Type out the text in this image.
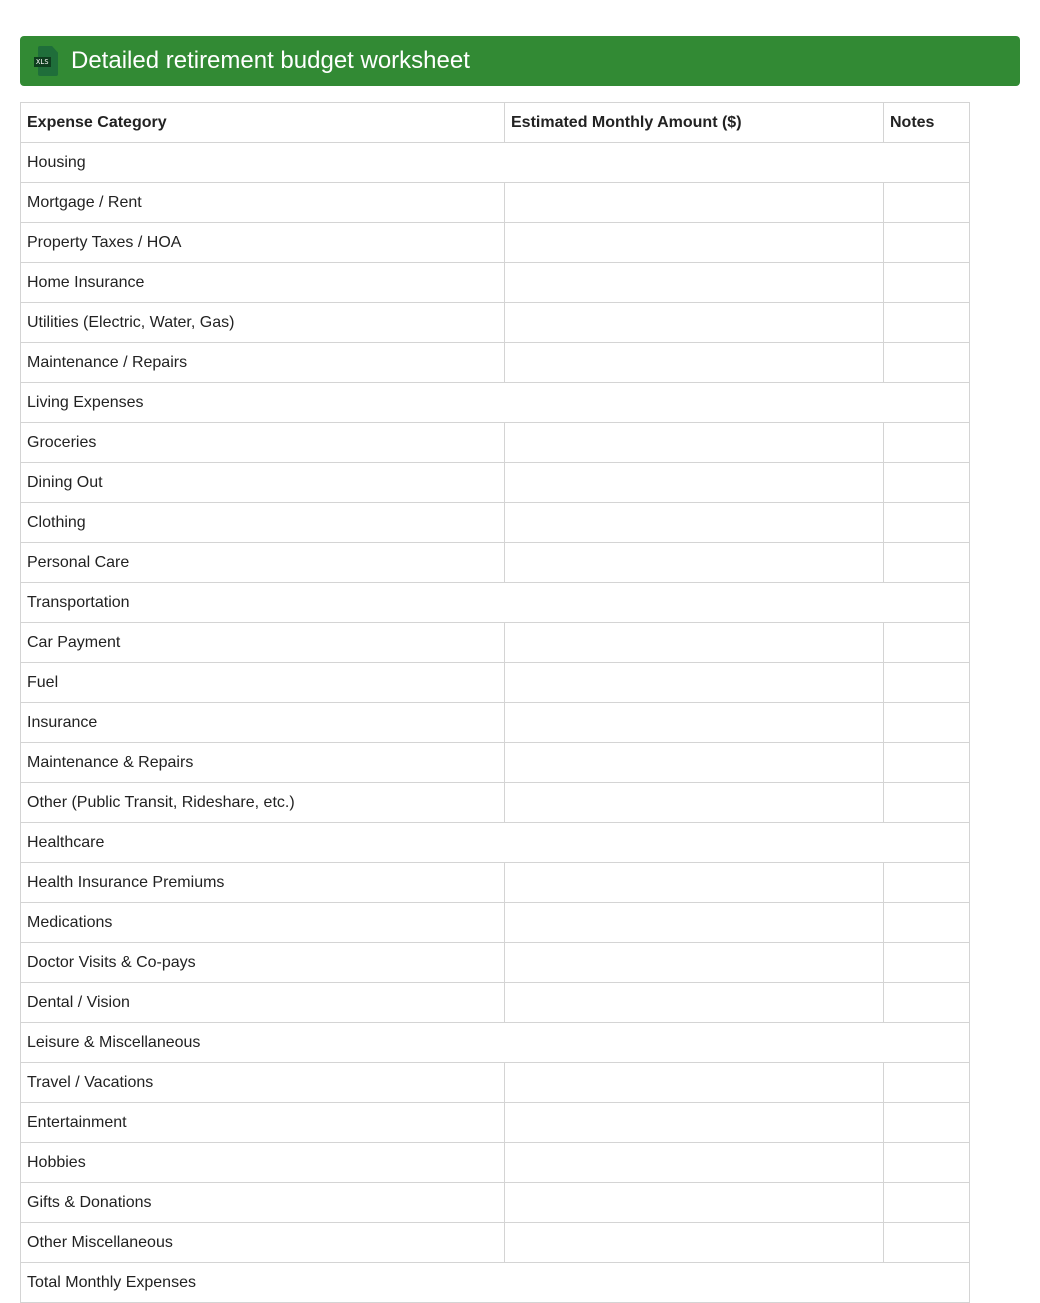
XLS Detailed retirement budget worksheet
Expense Category	Estimated Monthly Amount ($)	Notes
Housing		
Mortgage / Rent		
Property Taxes / HOA		
Home Insurance		
Utilities (Electric, Water, Gas)		
Maintenance / Repairs		
Living Expenses		
Groceries		
Dining Out		
Clothing		
Personal Care		
Transportation		
Car Payment		
Fuel		
Insurance		
Maintenance & Repairs		
Other (Public Transit, Rideshare, etc.)		
Healthcare		
Health Insurance Premiums		
Medications		
Doctor Visits & Co-pays		
Dental / Vision		
Leisure & Miscellaneous		
Travel / Vacations		
Entertainment		
Hobbies		
Gifts & Donations		
Other Miscellaneous		
Total Monthly Expenses		
